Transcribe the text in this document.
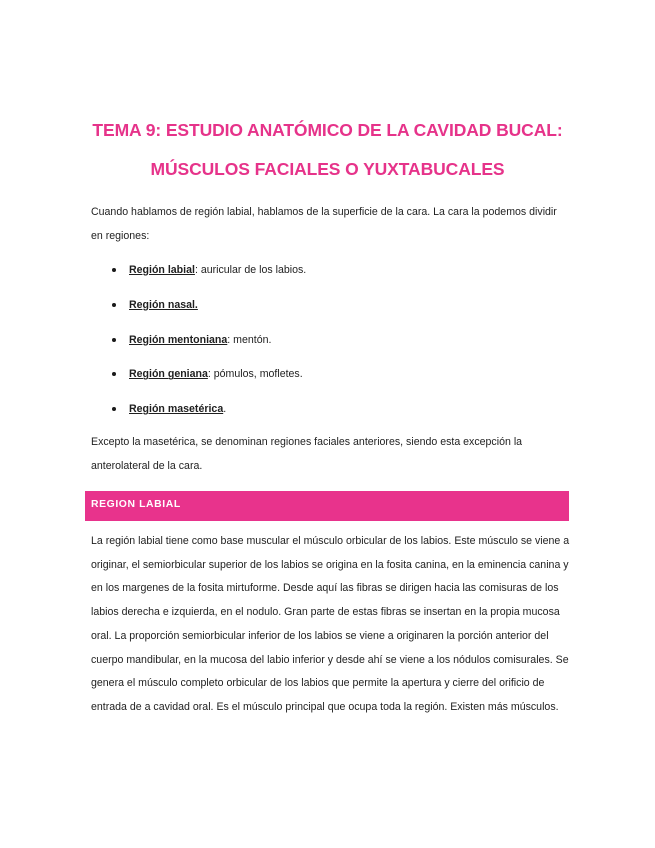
TEMA 9: ESTUDIO ANATÓMICO DE LA CAVIDAD BUCAL:
MÚSCULOS FACIALES O YUXTABUCALES

Cuando hablamos de región labial, hablamos de la superficie de la cara. La cara la podemos dividir en regiones:

Región labial: auricular de los labios.
Región nasal.
Región mentoniana: mentón.
Región geniana: pómulos, mofletes.
Región masetérica.

Excepto la masetérica, se denominan regiones faciales anteriores, siendo esta excepción la anterolateral de la cara.

REGION LABIAL

La región labial tiene como base muscular el músculo orbicular de los labios. Este músculo se viene a originar, el semiorbicular superior de los labios se origina en la fosita canina, en la eminencia canina y en los margenes de la fosita mirtuforme. Desde aquí las fibras se dirigen hacia las comisuras de los labios derecha e izquierda, en el nodulo. Gran parte de estas fibras se insertan en la propia mucosa oral. La proporción semiorbicular inferior de los labios se viene a originaren la porción anterior del cuerpo mandibular, en la mucosa del labio inferior y desde ahí se viene a los nódulos comisurales. Se genera el músculo completo orbicular de los labios que permite la apertura y cierre del orificio de entrada de a cavidad oral. Es el músculo principal que ocupa toda la región. Existen más músculos.
